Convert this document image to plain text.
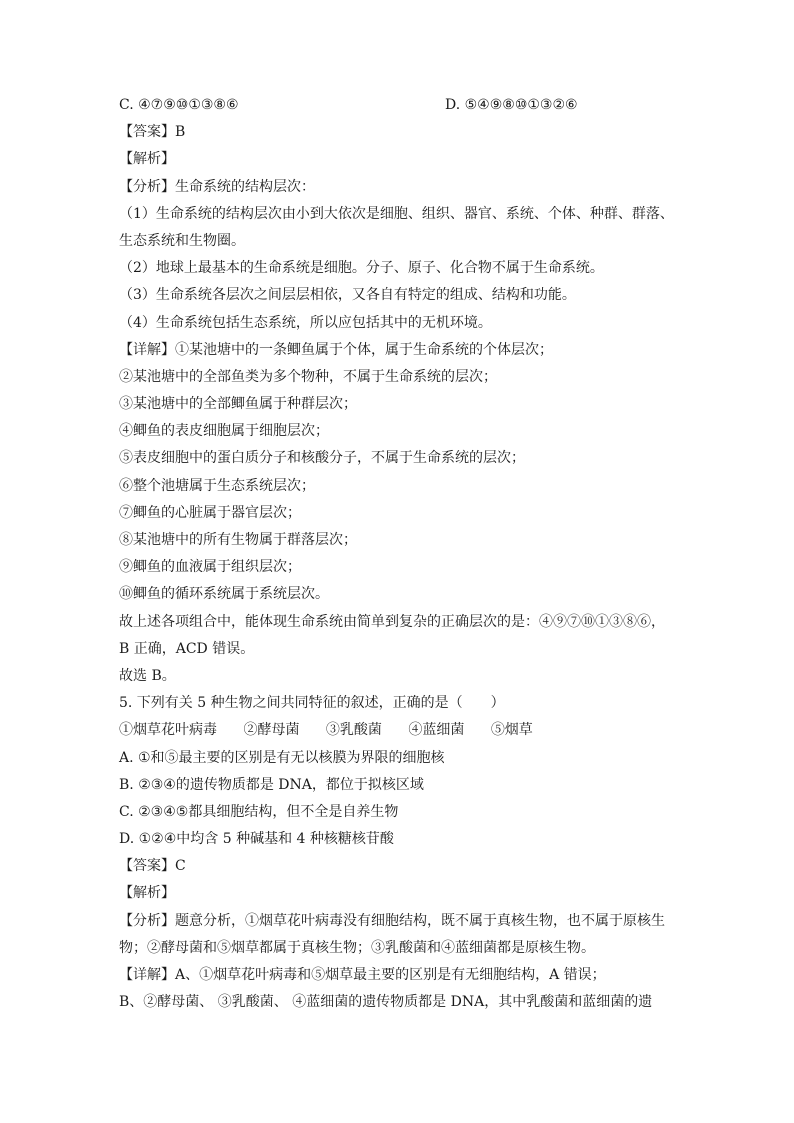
C. ④⑦⑨⑩①③⑧⑥	D. ⑤④⑨⑧⑩①③②⑥
【答案】B
【解析】
【分析】生命系统的结构层次：
（1）生命系统的结构层次由小到大依次是细胞、组织、器官、系统、个体、种群、群落、生态系统和生物圈。
（2）地球上最基本的生命系统是细胞。分子、原子、化合物不属于生命系统。
（3）生命系统各层次之间层层相依，又各自有特定的组成、结构和功能。
（4）生命系统包括生态系统，所以应包括其中的无机环境。
【详解】①某池塘中的一条鲫鱼属于个体，属于生命系统的个体层次；
②某池塘中的全部鱼类为多个物种，不属于生命系统的层次；
③某池塘中的全部鲫鱼属于种群层次；
④鲫鱼的表皮细胞属于细胞层次；
⑤表皮细胞中的蛋白质分子和核酸分子，不属于生命系统的层次；
⑥整个池塘属于生态系统层次；
⑦鲫鱼的心脏属于器官层次；
⑧某池塘中的所有生物属于群落层次；
⑨鲫鱼的血液属于组织层次；
⑩鲫鱼的循环系统属于系统层次。
故上述各项组合中，能体现生命系统由简单到复杂的正确层次的是：④⑨⑦⑩①③⑧⑥，
B 正确，ACD 错误。
故选 B。
5. 下列有关 5 种生物之间共同特征的叙述，正确的是（　　）
①烟草花叶病毒 ②酵母菌 ③乳酸菌 ④蓝细菌 ⑤烟草
A. ①和⑤最主要的区别是有无以核膜为界限的细胞核
B. ②③④的遗传物质都是 DNA，都位于拟核区域
C. ②③④⑤都具细胞结构，但不全是自养生物
D. ①②④中均含 5 种碱基和 4 种核糖核苷酸
【答案】C
【解析】
【分析】题意分析，①烟草花叶病毒没有细胞结构，既不属于真核生物，也不属于原核生物；②酵母菌和⑤烟草都属于真核生物；③乳酸菌和④蓝细菌都是原核生物。
【详解】A、①烟草花叶病毒和⑤烟草最主要的区别是有无细胞结构，A 错误；
B、②酵母菌、 ③乳酸菌、 ④蓝细菌的遗传物质都是 DNA，其中乳酸菌和蓝细菌的遗
